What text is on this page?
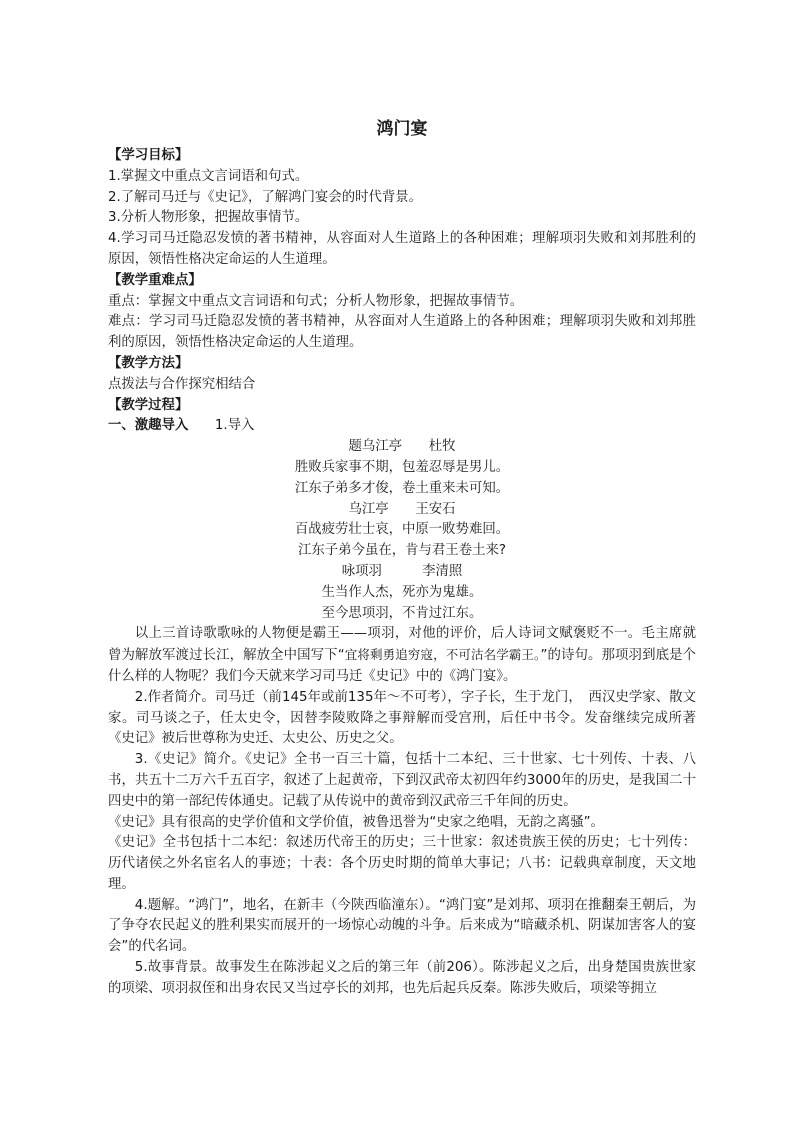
鸿门宴
【学习目标】
1.掌握文中重点文言词语和句式。
2.了解司马迁与《史记》，了解鸿门宴会的时代背景。
3.分析人物形象，把握故事情节。
4.学习司马迁隐忍发愤的著书精神，从容面对人生道路上的各种困难；理解项羽失败和刘邦胜利的原因，领悟性格决定命运的人生道理。
【教学重难点】
重点：掌握文中重点文言词语和句式；分析人物形象，把握故事情节。
难点：学习司马迁隐忍发愤的著书精神，从容面对人生道路上的各种困难；理解项羽失败和刘邦胜利的原因，领悟性格决定命运的人生道理。
【教学方法】
点拨法与合作探究相结合
【教学过程】
一、激趣导入 1.导入
题乌江亭　　杜牧
胜败兵家事不期，包羞忍辱是男儿。
江东子弟多才俊，卷土重来未可知。
乌江亭　　王安石
百战疲劳壮士哀，中原一败势难回。
江东子弟今虽在，肯与君王卷土来?
咏项羽　　　李清照
生当作人杰，死亦为鬼雄。
至今思项羽，不肯过江东。
以上三首诗歌歌咏的人物便是霸王——项羽，对他的评价，后人诗词文赋褒贬不一。毛主席就曾为解放军渡过长江，解放全中国写下“宜将剩勇追穷寇，不可沽名学霸王。”的诗句。那项羽到底是个什么样的人物呢？我们今天就来学习司马迁《史记》中的《鸿门宴》。
2.作者简介。司马迁（前145年或前135年～不可考），字子长，生于龙门，　西汉史学家、散文家。司马谈之子，任太史令，因替李陵败降之事辩解而受宫刑，后任中书令。发奋继续完成所著《史记》被后世尊称为史迁、太史公、历史之父。
3.《史记》简介。《史记》全书一百三十篇，包括十二本纪、三十世家、七十列传、十表、八书，共五十二万六千五百字，叙述了上起黄帝，下到汉武帝太初四年约3000年的历史，是我国二十四史中的第一部纪传体通史。记载了从传说中的黄帝到汉武帝三千年间的历史。
《史记》具有很高的史学价值和文学价值，被鲁迅誉为“史家之绝唱，无韵之离骚”。
《史记》全书包括十二本纪：叙述历代帝王的历史；三十世家：叙述贵族王侯的历史；七十列传：历代诸侯之外名宦名人的事迹；十表：各个历史时期的简单大事记；八书：记载典章制度，天文地理。
4.题解。“鸿门”，地名，在新丰（今陕西临潼东）。“鸿门宴”是刘邦、项羽在推翻秦王朝后，为了争夺农民起义的胜利果实而展开的一场惊心动魄的斗争。后来成为“暗藏杀机、阴谋加害客人的宴会”的代名词。
5.故事背景。故事发生在陈涉起义之后的第三年（前206）。陈涉起义之后，出身楚国贵族世家的项梁、项羽叔侄和出身农民又当过亭长的刘邦，也先后起兵反秦。陈涉失败后，项梁等拥立
